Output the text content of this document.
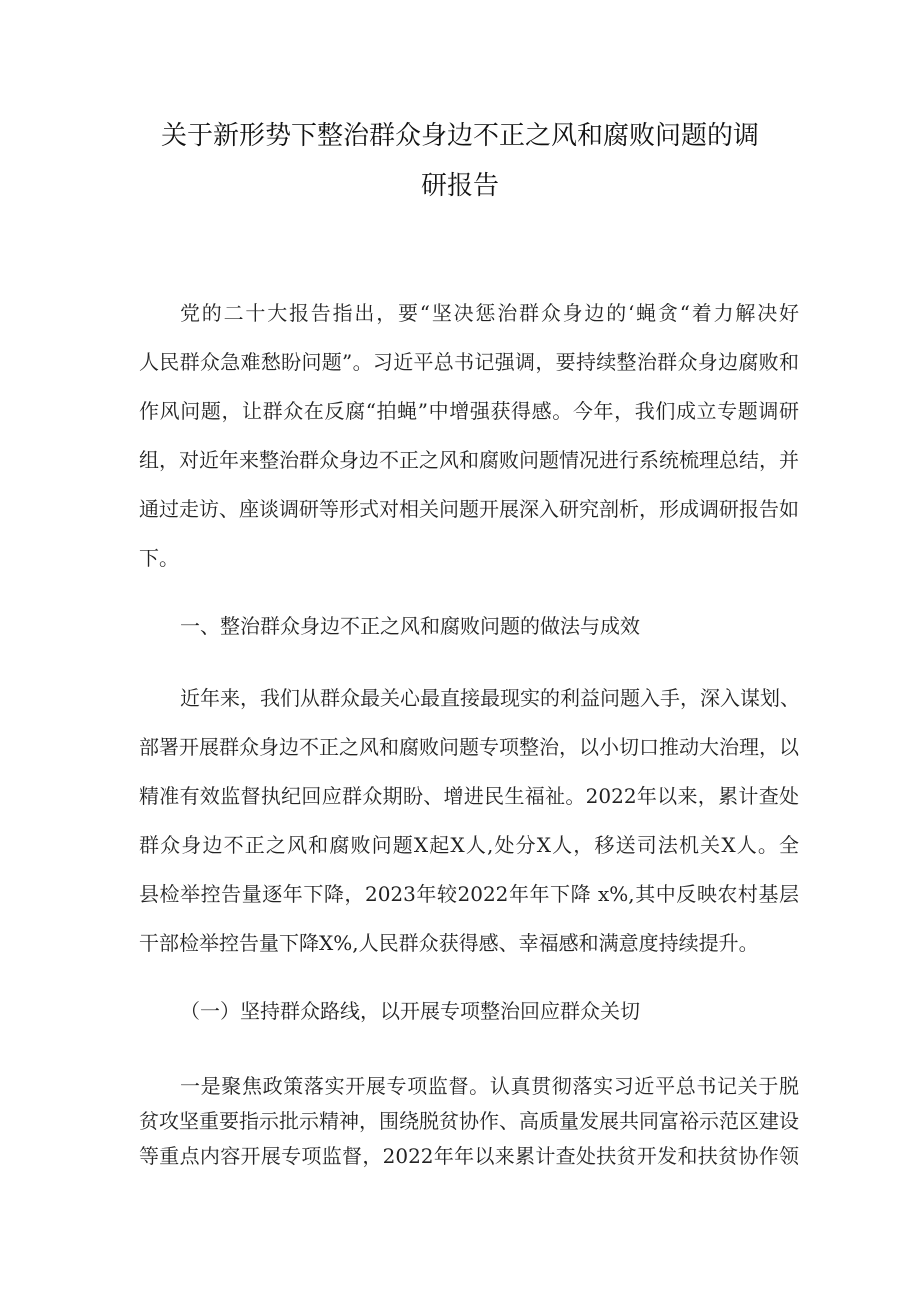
关于新形势下整治群众身边不正之风和腐败问题的调
研报告
党的二十大报告指出，要“坚决惩治群众身边的‘蝇贪“着力解决好
人民群众急难愁盼问题”。习近平总书记强调，要持续整治群众身边腐败和
作风问题，让群众在反腐“拍蝇”中增强获得感。今年，我们成立专题调研
组，对近年来整治群众身边不正之风和腐败问题情况进行系统梳理总结，并
通过走访、座谈调研等形式对相关问题开展深入研究剖析，形成调研报告如
下。
一、整治群众身边不正之风和腐败问题的做法与成效
近年来，我们从群众最关心最直接最现实的利益问题入手，深入谋划、
部署开展群众身边不正之风和腐败问题专项整治，以小切口推动大治理，以
精准有效监督执纪回应群众期盼、增进民生福祉。2022年以来，累计查处
群众身边不正之风和腐败问题X起X人,处分X人，移送司法机关X人。全
县检举控告量逐年下降，2023年较2022年年下降 x%,其中反映农村基层
干部检举控告量下降X%,人民群众获得感、幸福感和满意度持续提升。
（一）坚持群众路线，以开展专项整治回应群众关切
一是聚焦政策落实开展专项监督。认真贯彻落实习近平总书记关于脱
贫攻坚重要指示批示精神，围绕脱贫协作、高质量发展共同富裕示范区建设
等重点内容开展专项监督，2022年年以来累计查处扶贫开发和扶贫协作领
